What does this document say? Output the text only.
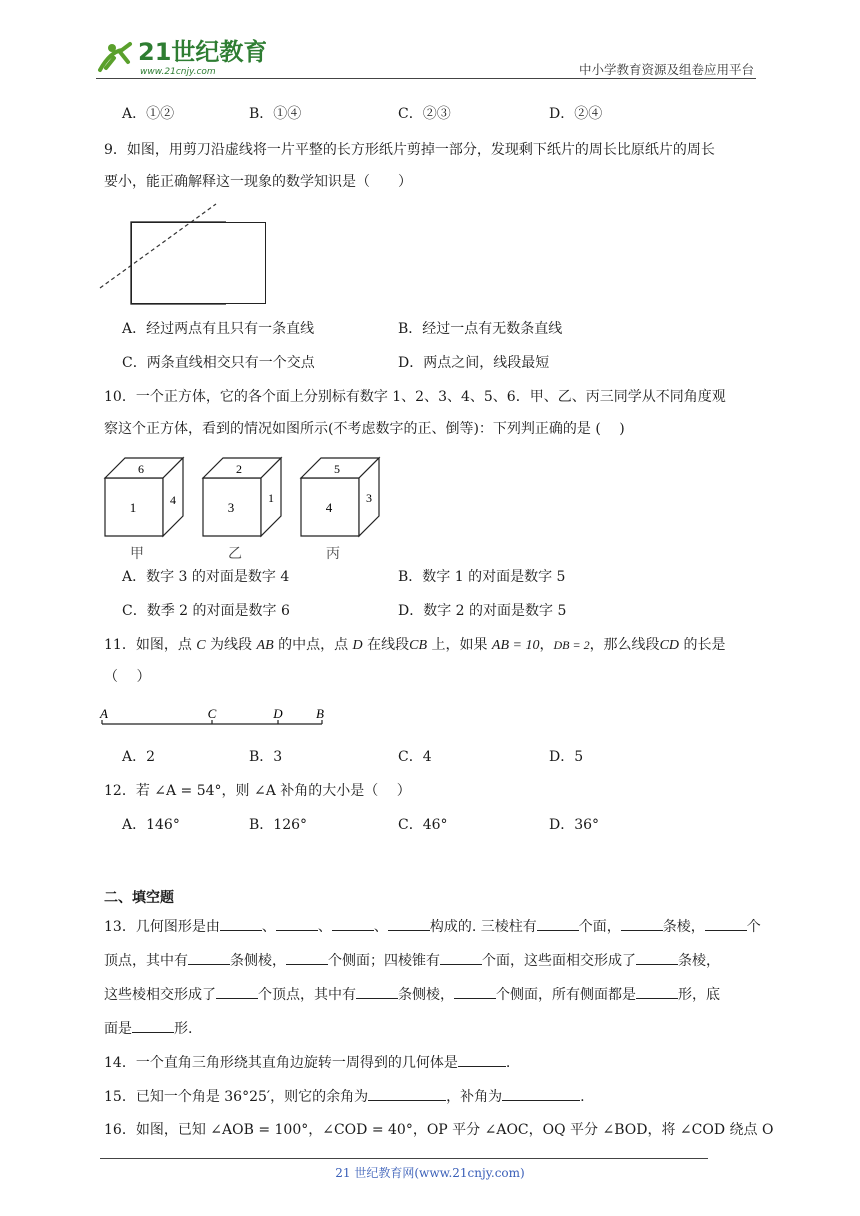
21世纪教育
www.21cnjy.com	中小学教育资源及组卷应用平台
A．①②	B．①④	C．②③	D．②④
9．如图，用剪刀沿虚线将一片平整的长方形纸片剪掉一部分，发现剩下纸片的周长比原纸片的周长
要小，能正确解释这一现象的数学知识是（　　）
A．经过两点有且只有一条直线	B．经过一点有无数条直线
C．两条直线相交只有一个交点	D．两点之间，线段最短
10．一个正方体，它的各个面上分别标有数字 1、2、3、4、5、6．甲、乙、丙三同学从不同角度观
察这个正方体，看到的情况如图所示(不考虑数字的正、倒等)：下列判正确的是 (　 )
6
1	4
甲
2
3
1
乙
5
4
3
丙
A．数字 3 的对面是数字 4	B．数字 1 的对面是数字 5
C．数季 2 的对面是数字 6	D．数字 2 的对面是数字 5
11．如图，点 C 为线段 AB 的中点，点 D 在线段CB 上，如果 AB = 10，DB = 2，那么线段CD 的长是
（　 ）
A	C	D	B
A．2	B．3	C．4	D．5
12．若 ∠A = 54°，则 ∠A 补角的大小是（　 ）
A．146°	B．126°	C．46°	D．36°
二、填空题
13．几何图形是由	、	、	、	构成的. 三棱柱有	个面，	条棱，	个
顶点，其中有	条侧棱，	个侧面；四棱锥有	个面，这些面相交形成了	条棱，
这些棱相交形成了	个顶点，其中有	条侧棱，	个侧面，所有侧面都是	形，底
面是	形.
14．一个直角三角形绕其直角边旋转一周得到的几何体是	.
15．已知一个角是 36°25′，则它的余角为	，补角为	.
16．如图，已知 ∠AOB = 100°，∠COD = 40°，OP 平分 ∠AOC，OQ 平分 ∠BOD，将 ∠COD 绕点 O
21 世纪教育网(www.21cnjy.com)
